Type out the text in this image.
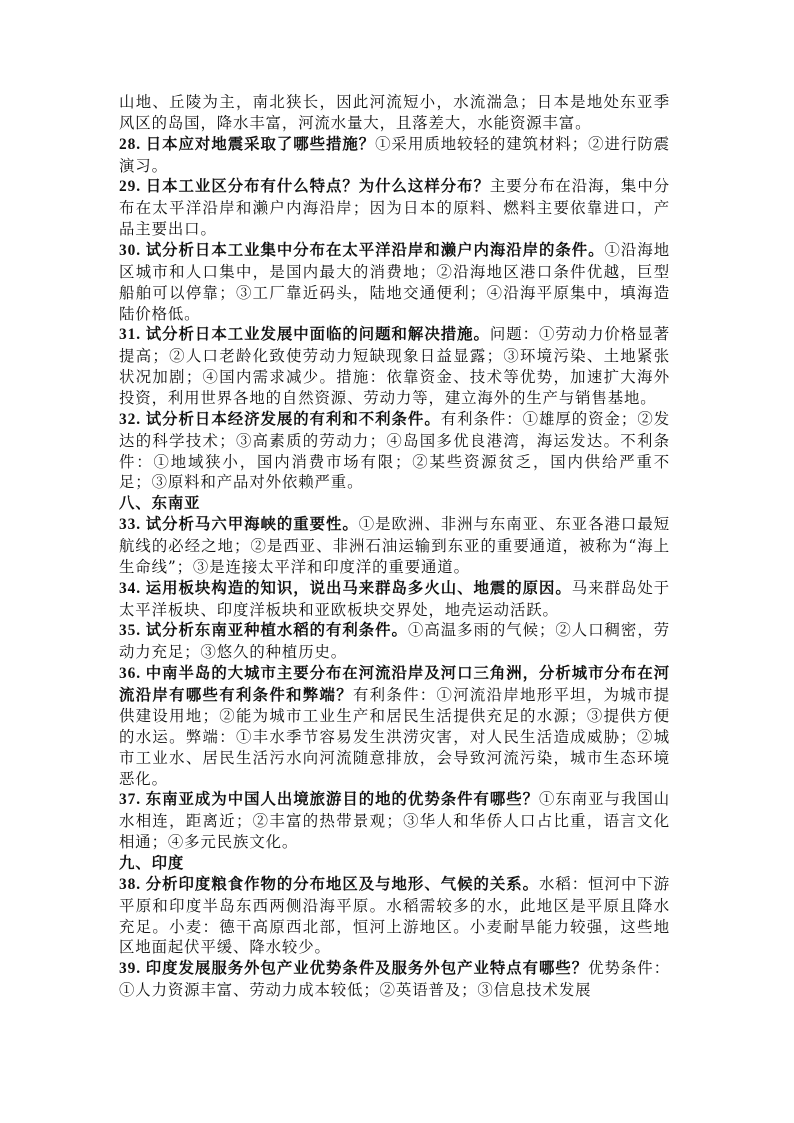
山地、丘陵为主，南北狭长，因此河流短小，水流湍急；日本是地处东亚季风区的岛国，降水丰富，河流水量大，且落差大，水能资源丰富。

28. 日本应对地震采取了哪些措施？①采用质地较轻的建筑材料；②进行防震演习。

29. 日本工业区分布有什么特点？为什么这样分布？主要分布在沿海，集中分布在太平洋沿岸和濑户内海沿岸；因为日本的原料、燃料主要依靠进口，产品主要出口。

30. 试分析日本工业集中分布在太平洋沿岸和濑户内海沿岸的条件。①沿海地区城市和人口集中，是国内最大的消费地；②沿海地区港口条件优越，巨型船舶可以停靠；③工厂靠近码头，陆地交通便利；④沿海平原集中，填海造陆价格低。

31. 试分析日本工业发展中面临的问题和解决措施。问题：①劳动力价格显著提高；②人口老龄化致使劳动力短缺现象日益显露；③环境污染、土地紧张状况加剧；④国内需求减少。措施：依靠资金、技术等优势，加速扩大海外投资，利用世界各地的自然资源、劳动力等，建立海外的生产与销售基地。

32. 试分析日本经济发展的有利和不利条件。有利条件：①雄厚的资金；②发达的科学技术；③高素质的劳动力；④岛国多优良港湾，海运发达。不利条件：①地域狭小，国内消费市场有限；②某些资源贫乏，国内供给严重不足；③原料和产品对外依赖严重。

八、东南亚

33. 试分析马六甲海峡的重要性。①是欧洲、非洲与东南亚、东亚各港口最短航线的必经之地；②是西亚、非洲石油运输到东亚的重要通道，被称为“海上生命线”；③是连接太平洋和印度洋的重要通道。

34. 运用板块构造的知识，说出马来群岛多火山、地震的原因。马来群岛处于太平洋板块、印度洋板块和亚欧板块交界处，地壳运动活跃。

35. 试分析东南亚种植水稻的有利条件。①高温多雨的气候；②人口稠密，劳动力充足；③悠久的种植历史。

36. 中南半岛的大城市主要分布在河流沿岸及河口三角洲，分析城市分布在河流沿岸有哪些有利条件和弊端？有利条件：①河流沿岸地形平坦，为城市提供建设用地；②能为城市工业生产和居民生活提供充足的水源；③提供方便的水运。弊端：①丰水季节容易发生洪涝灾害，对人民生活造成威胁；②城市工业水、居民生活污水向河流随意排放，会导致河流污染，城市生态环境恶化。

37. 东南亚成为中国人出境旅游目的地的优势条件有哪些？①东南亚与我国山水相连，距离近；②丰富的热带景观；③华人和华侨人口占比重，语言文化相通；④多元民族文化。

九、印度

38. 分析印度粮食作物的分布地区及与地形、气候的关系。水稻：恒河中下游平原和印度半岛东西两侧沿海平原。水稻需较多的水，此地区是平原且降水充足。小麦：德干高原西北部，恒河上游地区。小麦耐旱能力较强，这些地区地面起伏平缓、降水较少。

39. 印度发展服务外包产业优势条件及服务外包产业特点有哪些？优势条件：①人力资源丰富、劳动力成本较低；②英语普及；③信息技术发展
